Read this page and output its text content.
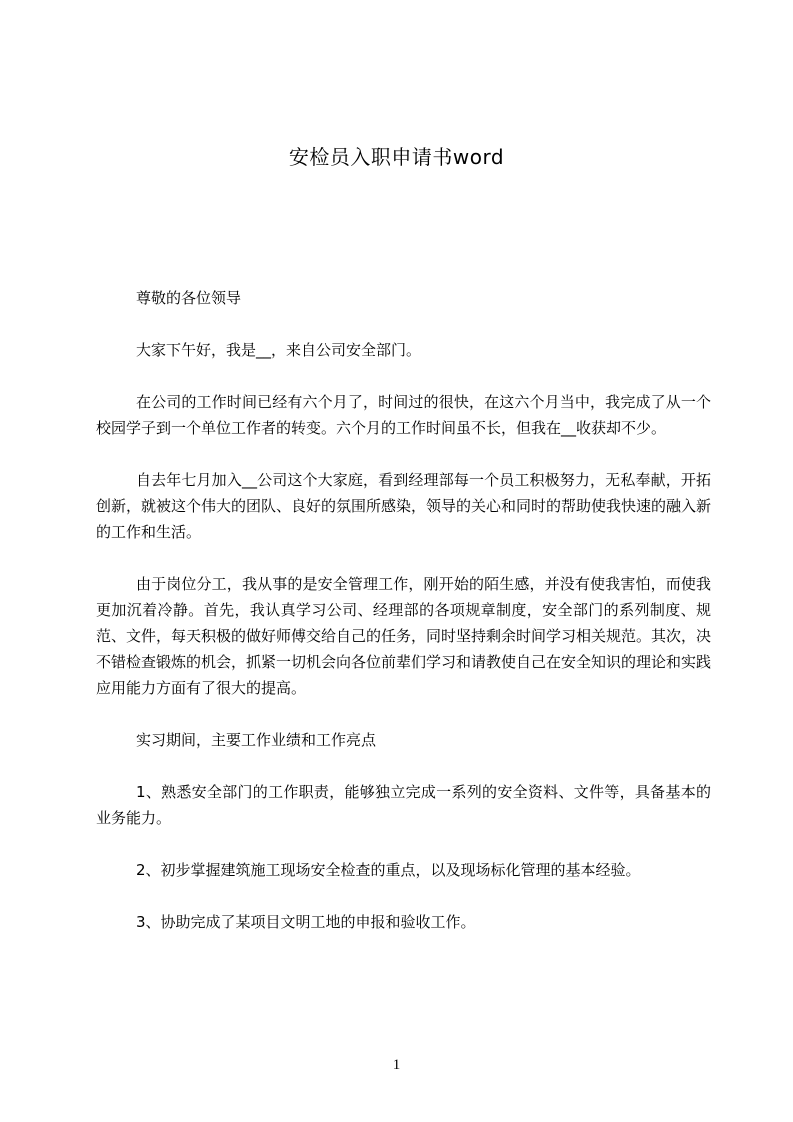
安检员入职申请书word

尊敬的各位领导

大家下午好，我是__，来自公司安全部门。

在公司的工作时间已经有六个月了，时间过的很快，在这六个月当中，我完成了从一个校园学子到一个单位工作者的转变。六个月的工作时间虽不长，但我在__收获却不少。

自去年七月加入__公司这个大家庭，看到经理部每一个员工积极努力，无私奉献，开拓创新，就被这个伟大的团队、良好的氛围所感染，领导的关心和同时的帮助使我快速的融入新的工作和生活。

由于岗位分工，我从事的是安全管理工作，刚开始的陌生感，并没有使我害怕，而使我更加沉着冷静。首先，我认真学习公司、经理部的各项规章制度，安全部门的系列制度、规范、文件，每天积极的做好师傅交给自己的任务，同时坚持剩余时间学习相关规范。其次，决不错检查锻炼的机会，抓紧一切机会向各位前辈们学习和请教使自己在安全知识的理论和实践应用能力方面有了很大的提高。

实习期间，主要工作业绩和工作亮点

1、熟悉安全部门的工作职责，能够独立完成一系列的安全资料、文件等，具备基本的业务能力。

2、初步掌握建筑施工现场安全检查的重点，以及现场标化管理的基本经验。

3、协助完成了某项目文明工地的申报和验收工作。

1
